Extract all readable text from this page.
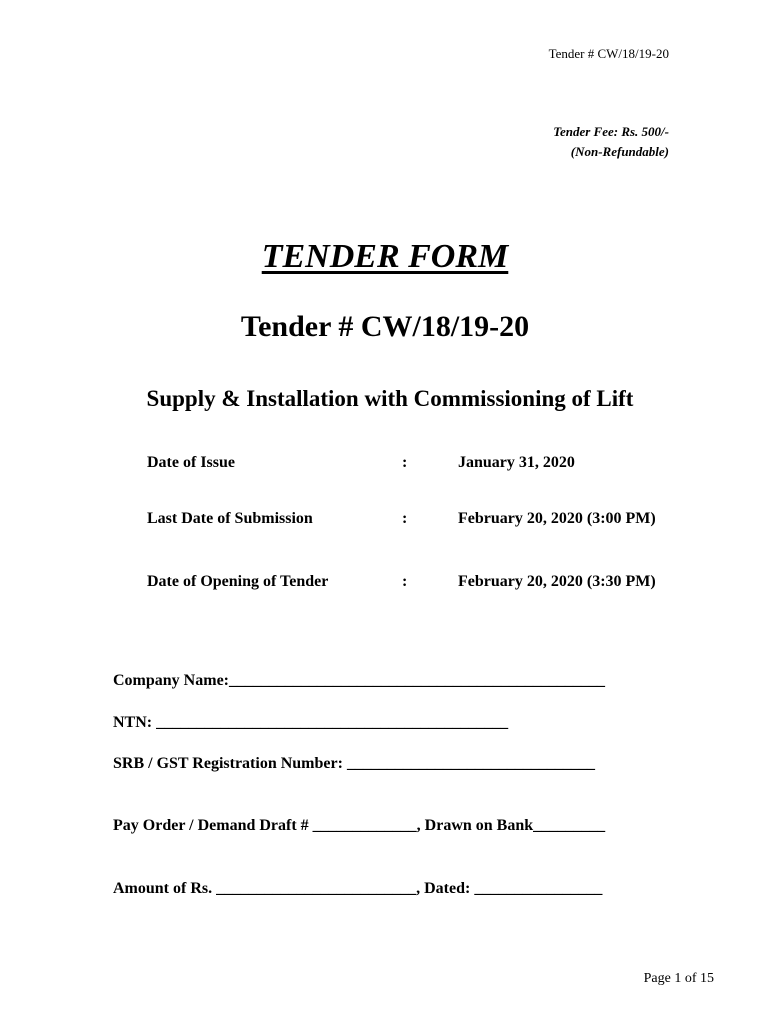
Tender # CW/18/19-20
Tender Fee: Rs. 500/-
(Non-Refundable)
TENDER FORM
Tender # CW/18/19-20
Supply & Installation with Commissioning of Lift
Date of Issue	:	January 31, 2020
Last Date of Submission	:	February 20, 2020 (3:00 PM)
Date of Opening of Tender	:	February 20, 2020 (3:30 PM)
Company Name:_______________________________________________
NTN: ____________________________________________
SRB / GST Registration Number: _______________________________
Pay Order / Demand Draft # _____________, Drawn on Bank_________
Amount of Rs. _________________________, Dated: ________________
Page 1 of 15
